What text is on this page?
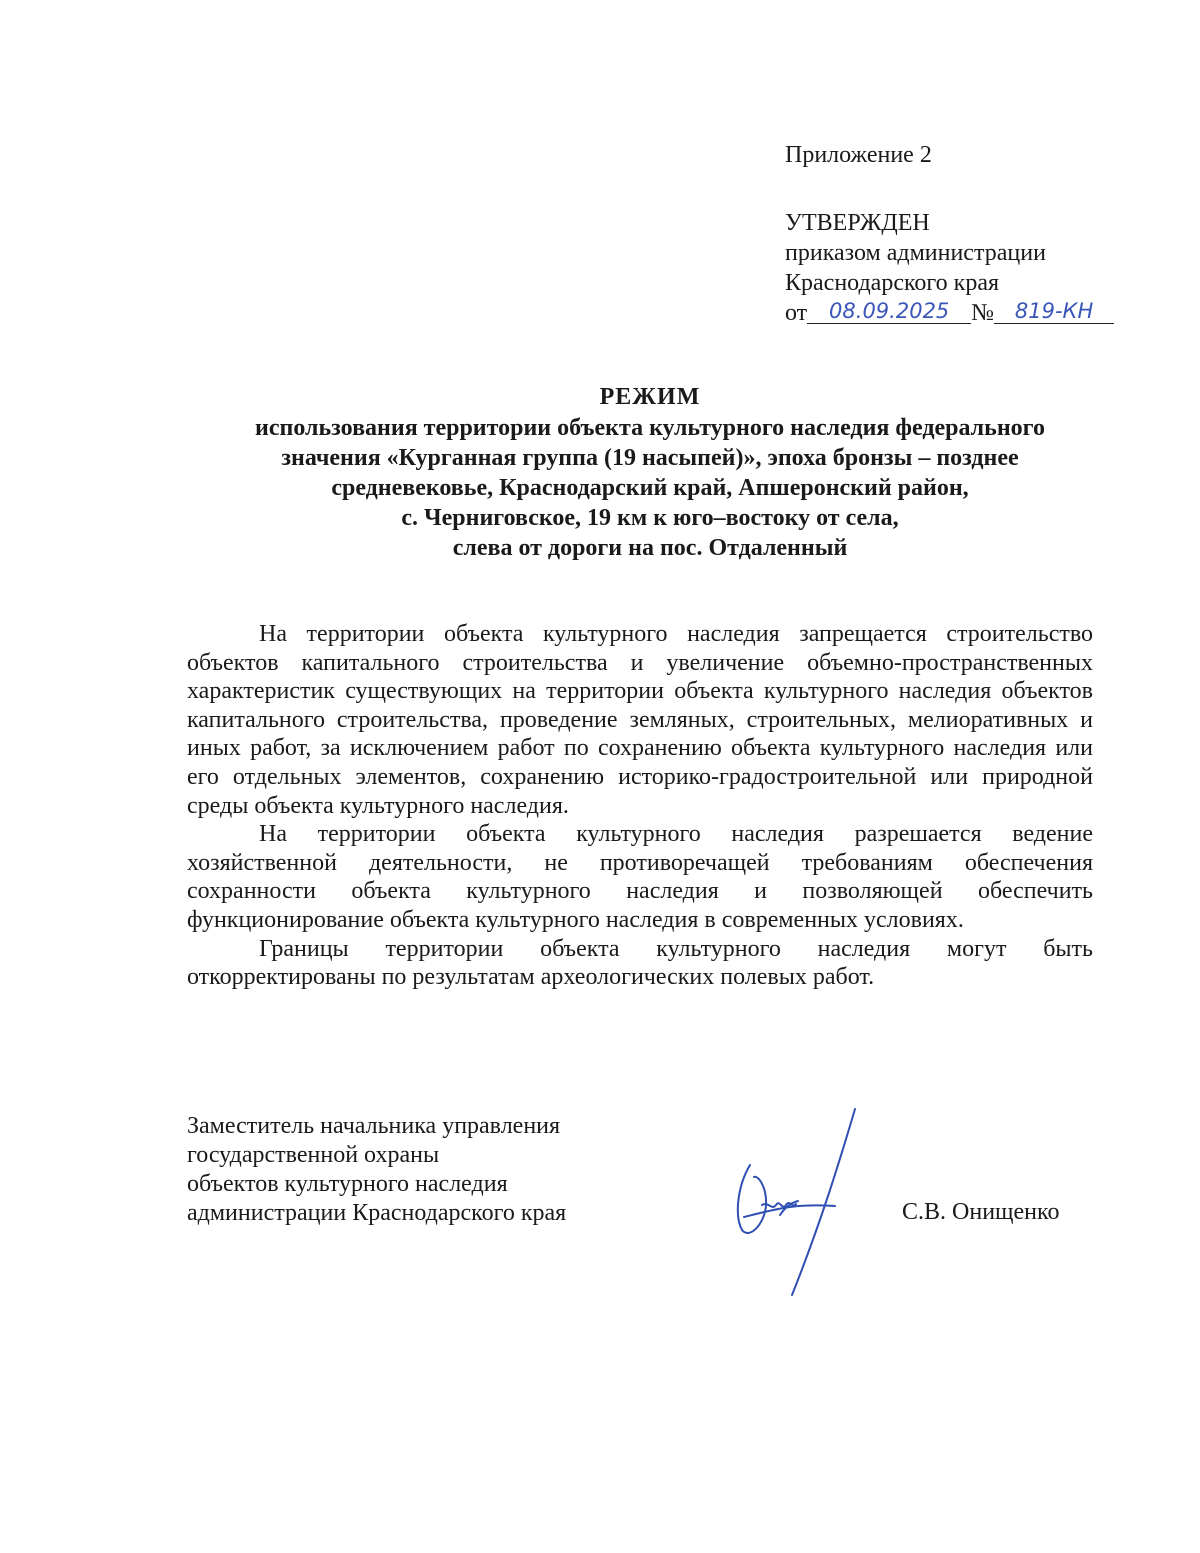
Приложение 2
УТВЕРЖДЕН
приказом администрации
Краснодарского края
от 08.09.2025 № 819-КН
РЕЖИМ
использования территории объекта культурного наследия федерального
значения «Курганная группа (19 насыпей)», эпоха бронзы – позднее
средневековье, Краснодарский край, Апшеронский район,
с. Черниговское, 19 км к юго–востоку от села,
слева от дороги на пос. Отдаленный

На территории объекта культурного наследия запрещается строительство объектов капитального строительства и увеличение объемно-пространственных характеристик существующих на территории объекта культурного наследия объектов капитального строительства, проведение земляных, строительных, мелиоративных и иных работ, за исключением работ по сохранению объекта культурного наследия или его отдельных элементов, сохранению историко-градостроительной или природной среды объекта культурного наследия.

На территории объекта культурного наследия разрешается ведение хозяйственной деятельности, не противоречащей требованиям обеспечения сохранности объекта культурного наследия и позволяющей обеспечить функционирование объекта культурного наследия в современных условиях.

Границы территории объекта культурного наследия могут быть откорректированы по результатам археологических полевых работ.

Заместитель начальника управления
государственной охраны
объектов культурного наследия
администрации Краснодарского края	С.В. Онищенко
